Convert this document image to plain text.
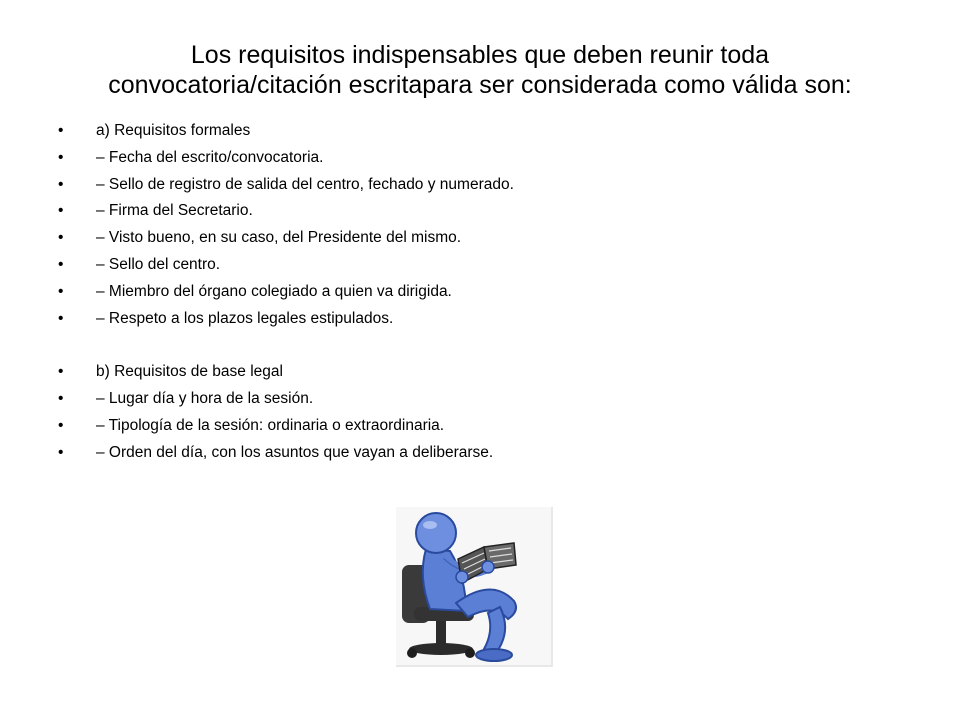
Los requisitos indispensables que deben reunir toda
convocatoria/citación escritapara ser considerada como válida son:
•	a) Requisitos formales
•	– Fecha del escrito/convocatoria.
•	– Sello de registro de salida del centro, fechado y numerado.
•	– Firma del Secretario.
•	– Visto bueno, en su caso, del Presidente del mismo.
•	– Sello del centro.
•	– Miembro del órgano colegiado a quien va dirigida.
•	– Respeto a los plazos legales estipulados.
•	b) Requisitos de base legal
•	– Lugar día y hora de la sesión.
•	– Tipología de la sesión: ordinaria o extraordinaria.
•	– Orden del día, con los asuntos que vayan a deliberarse.
